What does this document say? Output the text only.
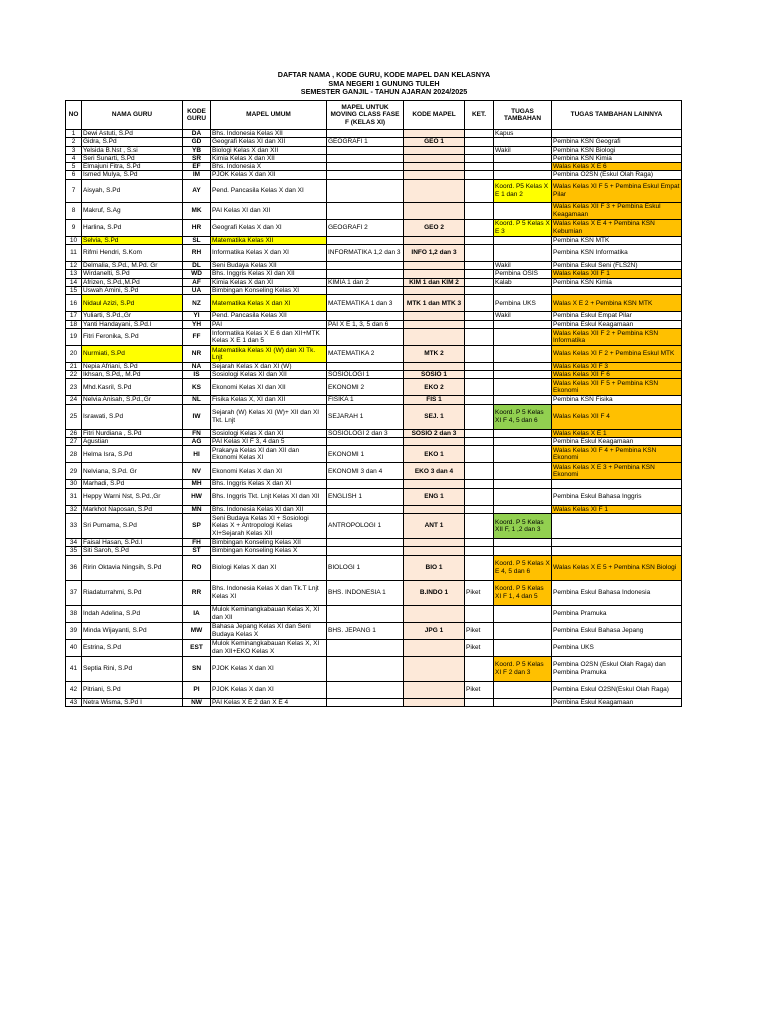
DAFTAR NAMA , KODE GURU, KODE MAPEL DAN KELASNYA
SMA NEGERI 1 GUNUNG TULEH
SEMESTER GANJIL - TAHUN AJARAN 2024/2025
NO	NAMA GURU	KODE GURU	MAPEL UMUM	MAPEL UNTUK MOVING CLASS FASE F (KELAS XI)	KODE MAPEL	KET.	TUGAS TAMBAHAN	TUGAS TAMBAHAN LAINNYA
1	Dewi Astuti, S.Pd	DA	Bhs. Indonesia Kelas XII				Kapus	
2	Gidra, S.Pd	GD	Geografi Kelas XI dan XII	GEOGRAFI 1	GEO 1			Pembina KSN Geografi
3	Yelsida B.Nst , S.si	YB	Biologi Kelas X dan XII				Wakil	Pembina KSN Biologi
4	Seri Sunarti, S.Pd	SR	Kimia Kelas X dan XII					Pembina KSN Kimia
5	Elmajuni Fitra, S.Pd	EF	Bhs. Indonesia X					Walas Kelas X E 6
6	Ismed Mulya, S.Pd	IM	PJOK Kelas X dan XII					Pembina O2SN (Eskul Olah Raga)
7	Aisyah, S.Pd	AY	Pend. Pancasila Kelas X dan XI				Koord. P5 Kelas X E 1 dan 2	Walas Kelas XI F 5 + Pembina Eskul Empat Pilar
8	Makruf, S.Ag	MK	PAI Kelas XI dan XII					Walas Kelas XII F 3 + Pembina Eskul Keagamaan
9	Harlina, S.Pd	HR	Geografi Kelas X dan XI	GEOGRAFI 2	GEO 2		Koord. P 5 Kelas X E 3	Walas Kelas X E 4 + Pembina KSN Kebumian
10	Selvia, S.Pd	SL	Matematika Kelas XII					Pembina KSN MTK
11	Rifmi Hendri, S.Kom	RH	Informatika Kelas X dan XI	INFORMATIKA 1,2 dan 3	INFO 1,2 dan 3			Pembina KSN Informatika
12	Delmalia, S.Pd., M.Pd. Gr	DL	Seni Budaya Kelas XII				Wakil	Pembina Eskul Seni (FLS2N)
13	Wirdanelti, S.Pd	WD	Bhs. Inggris Kelas XI dan XII				Pembina OSIS	Walas Kelas XII F 1
14	Afrizen, S.Pd.,M.Pd	AF	Kimia Kelas X dan XI	KIMIA 1 dan 2	KIM 1 dan KIM 2		Kalab	Pembina KSN Kimia
15	Uswah Amini, S.Pd	UA	Bimbingan Konseling Kelas XI					
16	Nidaul Azizi, S.Pd	NZ	Matematika Kelas X dan XI	MATEMATIKA 1 dan 3	MTK 1 dan MTK 3		Pembina UKS	Walas X E 2 + Pembina KSN MTK
17	Yuliarti, S.Pd.,Gr	YI	Pend. Pancasila Kelas XII				Wakil	Pembina Eskul Empat Pilar
18	Yanti Handayani, S.Pd.I	YH	PAI	PAI X E 1, 3, 5 dan 6				Pembina Eskul Keagamaan
19	Fitri Feronika, S.Pd	FF	Informatika Kelas X E 6 dan XII+MTK Kelas X E 1 dan 5					Walas Kelas XII F 2 + Pembina KSN Informatika
20	Nurmiati, S.Pd	NR	Matematika Kelas XI (W) dan XI Tk. Lnjt	MATEMATIKA 2	MTK 2			Walas Kelas XI F 2 + Pembina Eskul MTK
21	Nepia Afriani, S.Pd	NA	Sejarah Kelas X dan XI (W)					Walas Kelas XI F 3
22	Ikhsan, S.Pd,, M.Pd	IS	Sosiologi Kelas XI dan XII	SOSIOLOGI 1	SOSIO 1			Walas Kelas XII F 6
23	Mhd.Kasril, S.Pd	KS	Ekonomi Kelas XI dan XII	EKONOMI 2	EKO 2			Walas Kelas XII F 5 + Pembina KSN Ekonomi
24	Nelvia Anisah, S.Pd.,Gr	NL	Fisika Kelas X, XI dan XII	FISIKA 1	FIS 1			Pembina KSN Fisika
25	Israwati, S.Pd	IW	Sejarah (W) Kelas XI (W)+ XII dan XI Tkt. Lnjt	SEJARAH 1	SEJ. 1		Koord. P 5 Kelas XI F 4, 5 dan 6	Walas Kelas XII F 4
26	Fitri Nurdiana , S.Pd	FN	Sosiologi Kelas X dan XI	SOSIOLOGI 2 dan 3	SOSIO 2 dan 3			Walas Kelas X E 1
27	Agustian	AG	PAI Kelas XI F 3, 4 dan 5					Pembina Eskul Keagamaan
28	Helma Isra, S.Pd	HI	Prakarya Kelas XI dan XII dan Ekonomi Kelas XI	EKONOMI 1	EKO 1			Walas Kelas XI F 4 + Pembina KSN Ekonomi
29	Nelviana, S.Pd. Gr	NV	Ekonomi Kelas X dan XI	EKONOMI 3 dan 4	EKO 3 dan 4			Walas Kelas X E 3 + Pembina KSN Ekonomi
30	Marhadi, S.Pd	MH	Bhs. Inggris Kelas X dan XI					
31	Heppy Warni Nst, S.Pd.,Gr	HW	Bhs. Inggris Tkt. Lnjt Kelas XI dan XII	ENGLISH 1	ENG 1			Pembina Eskul Bahasa Inggris
32	Markhot Naposan, S.Pd	MN	Bhs. Indonesia Kelas XI dan XII					Walas Kelas XI F 1
33	Sri Purnama, S.Pd	SP	Seni Budaya Kelas XI + Sosiologi Kelas X + Antropologi Kelas XI+Sejarah Kelas XII	ANTROPOLOGI 1	ANT 1		Koord. P 5 Kelas XII F, 1 ,2 dan 3	
34	Faisal Hasan, S.Pd.I	FH	Bimbingan Konseling Kelas XII					
35	Siti Saroh, S.Pd	ST	Bimbingan Konseling Kelas X					
36	Ririn Oktavia Ningsih, S.Pd	RO	Biologi Kelas X dan XI	BIOLOGI 1	BIO 1		Koord. P 5 Kelas X E 4, 5 dan 6	Walas Kelas X E 5 + Pembina KSN Biologi
37	Riadaturrahmi, S.Pd	RR	Bhs. Indonesia Kelas X dan Tk.T Lnjt Kelas XI	BHS. INDONESIA 1	B.INDO 1	Piket	Koord. P 5 Kelas XI F 1, 4 dan 5	Pembina Eskul Bahasa Indonesia
38	Indah Adelina, S.Pd	IA	Mulok Keminangkabauan Kelas X, XI dan XII					Pembina Pramuka
39	Minda Wijayanti, S.Pd	MW	Bahasa Jepang Kelas XI dan Seni Budaya Kelas X	BHS. JEPANG 1	JPG 1	Piket		Pembina Eskul Bahasa Jepang
40	Estrina, S.Pd	EST	Mulok Keminangkabauan Kelas X, XI dan XII+EKO Kelas X			Piket		Pembina UKS
41	Septia Rini, S.Pd	SN	PJOK Kelas X dan XI				Koord. P 5 Kelas XI F 2 dan 3	Pembina O2SN (Eskul Olah Raga) dan Pembina Pramuka
42	Pitriani, S.Pd	PI	PJOK Kelas X dan XI			Piket		Pembina Eskul O2SN(Eskul Olah Raga)
43	Netra Wisma, S.Pd I	NW	PAI Kelas X E 2 dan X E 4					Pembina Eskul Keagamaan
